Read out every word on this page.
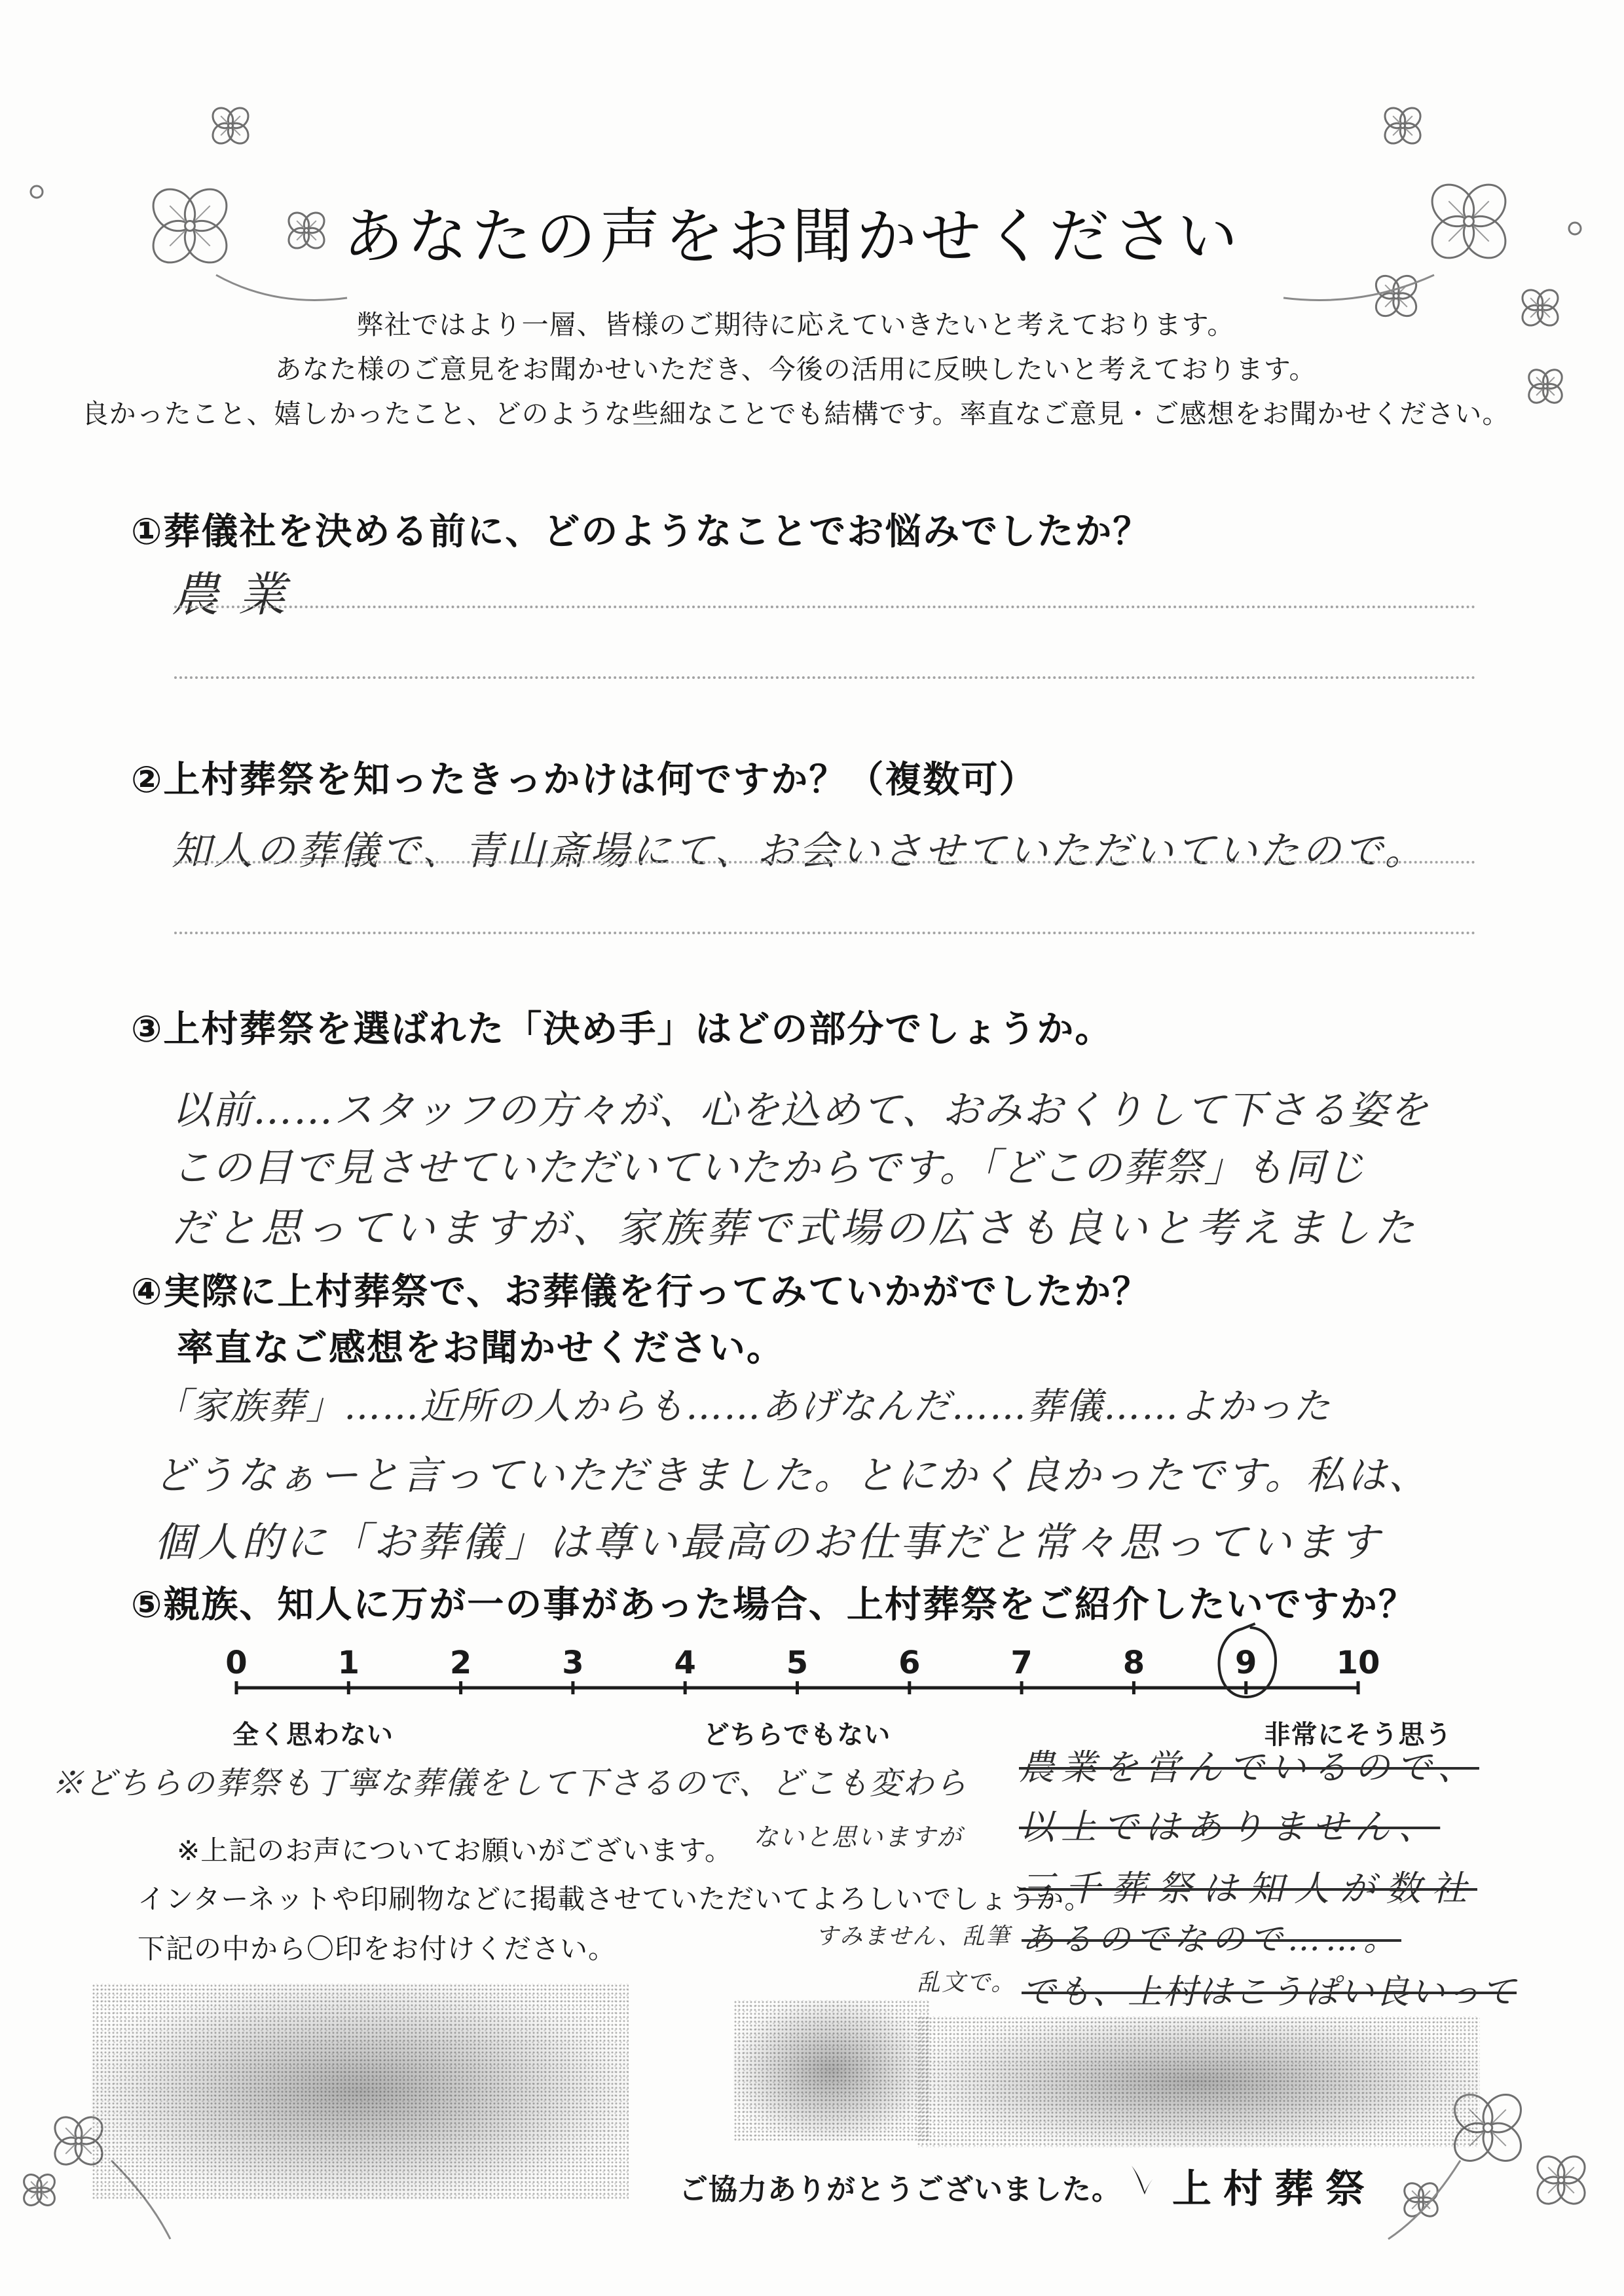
あなたの声をお聞かせください
弊社ではより一層、皆様のご期待に応えていきたいと考えております。
あなた様のご意見をお聞かせいただき、今後の活用に反映したいと考えております。
良かったこと、嬉しかったこと、どのような些細なことでも結構です。率直なご意見・ご感想をお聞かせください。
①葬儀社を決める前に、どのようなことでお悩みでしたか？
農業
②上村葬祭を知ったきっかけは何ですか？（複数可）
知人の葬儀で、青山斎場にて、お会いさせていただいていたので。
③上村葬祭を選ばれた「決め手」はどの部分でしょうか。
以前……スタッフの方々が、心を込めて、おみおくりして下さる姿を
この目で見させていただいていたからです。「どこの葬祭」も同じ
だと思っていますが、家族葬で式場の広さも良いと考えました
④実際に上村葬祭で、お葬儀を行ってみていかがでしたか？
率直なご感想をお聞かせください。
「家族葬」……近所の人からも……あげなんだ……葬儀……よかった
どうなぁーと言っていただきました。とにかく良かったです。私は、
個人的に「お葬儀」は尊い最高のお仕事だと常々思っています
⑤親族、知人に万が一の事があった場合、上村葬祭をご紹介したいですか？
0	1	2	3	4	5	6	7	8	9	10
全く思わない	どちらでもない	非常にそう思う
※どちらの葬祭も丁寧な葬儀をして下さるので、どこも変わら
ないと思いますが
農業を営んでいるので、
以上ではありません、
三千葬祭は知人が数社
あるのでなので……。
でも、上村はこうぱい良いって
※上記のお声についてお願いがございます。
インターネットや印刷物などに掲載させていただいてよろしいでしょうか。
下記の中から〇印をお付けください。	すみません、乱筆
乱文で。
ご協力ありがとうございました。 上村葬祭
